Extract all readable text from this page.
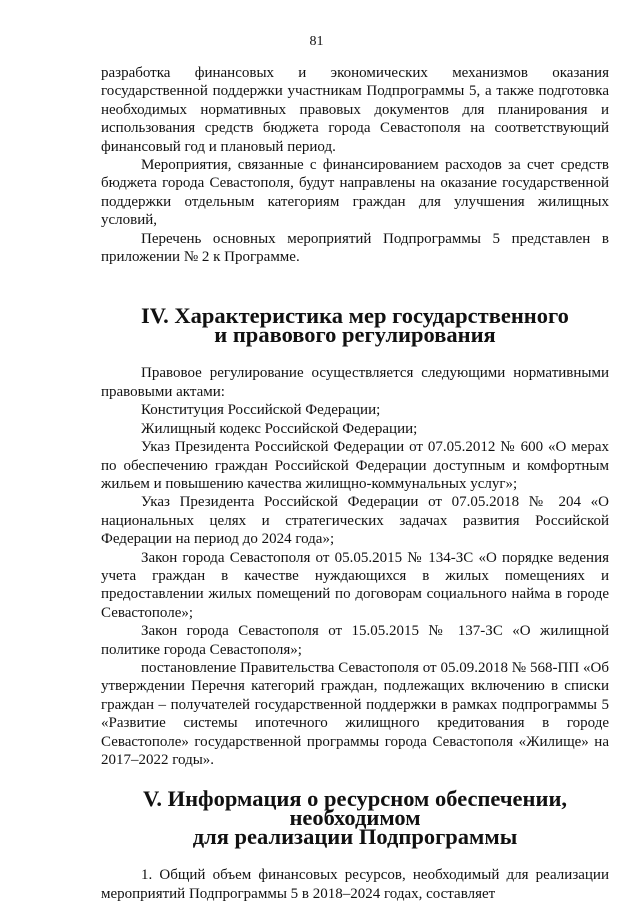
81

разработка финансовых и экономических механизмов оказания государственной поддержки участникам Подпрограммы 5, а также подготовка необходимых нормативных правовых документов для планирования и использования средств бюджета города Севастополя на соответствующий финансовый год и плановый период.

Мероприятия, связанные с финансированием расходов за счет средств бюджета города Севастополя, будут направлены на оказание государственной поддержки отдельным категориям граждан для улучшения жилищных условий,

Перечень основных мероприятий Подпрограммы 5 представлен в приложении № 2 к Программе.

IV. Характеристика мер государственного
и правового регулирования

Правовое регулирование осуществляется следующими нормативными правовыми актами:

Конституция Российской Федерации;

Жилищный кодекс Российской Федерации;

Указ Президента Российской Федерации от 07.05.2012 № 600 «О мерах по обеспечению граждан Российской Федерации доступным и комфортным жильем и повышению качества жилищно-коммунальных услуг»;

Указ Президента Российской Федерации от 07.05.2018 № 204 «О национальных целях и стратегических задачах развития Российской Федерации на период до 2024 года»;

Закон города Севастополя от 05.05.2015 № 134-ЗС «О порядке ведения учета граждан в качестве нуждающихся в жилых помещениях и предоставлении жилых помещений по договорам социального найма в городе Севастополе»;

Закон города Севастополя от 15.05.2015 № 137-ЗС «О жилищной политике города Севастополя»;

постановление Правительства Севастополя от 05.09.2018 № 568-ПП «Об утверждении Перечня категорий граждан, подлежащих включению в списки граждан – получателей государственной поддержки в рамках подпрограммы 5 «Развитие системы ипотечного жилищного кредитования в городе Севастополе» государственной программы города Севастополя «Жилище» на 2017–2022 годы».

V. Информация о ресурсном обеспечении, необходимом
для реализации Подпрограммы

1. Общий объем финансовых ресурсов, необходимый для реализации мероприятий Подпрограммы 5 в 2018–2024 годах, составляет
